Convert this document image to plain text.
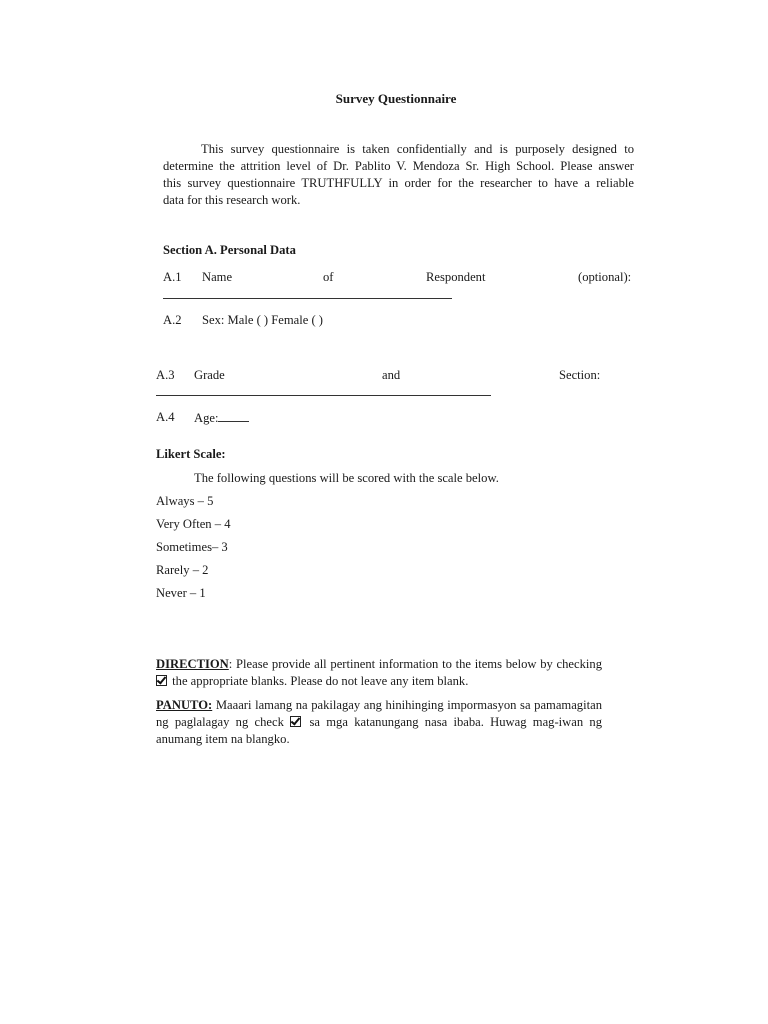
Survey Questionnaire
This survey questionnaire is taken confidentially and is purposely designed to
determine the attrition level of Dr. Pablito V. Mendoza Sr. High School. Please answer
this survey questionnaire TRUTHFULLY in order for the researcher to have a reliable
data for this research work.
Section A. Personal Data
A.1 Name	of	Respondent	(optional):
A.2 Sex: Male ( ) Female ( )
A.3 Grade	and	Section:
A.4 Age:
Likert Scale:
The following questions will be scored with the scale below.
Always – 5
Very Often – 4
Sometimes– 3
Rarely – 2
Never – 1
DIRECTION: Please provide all pertinent information to the items below by checking
the appropriate blanks. Please do not leave any item blank.
PANUTO: Maaari lamang na pakilagay ang hinihinging impormasyon sa pamamagitan
ng paglalagay ng check  sa mga katanungang nasa ibaba. Huwag mag-iwan ng
anumang item na blangko.
